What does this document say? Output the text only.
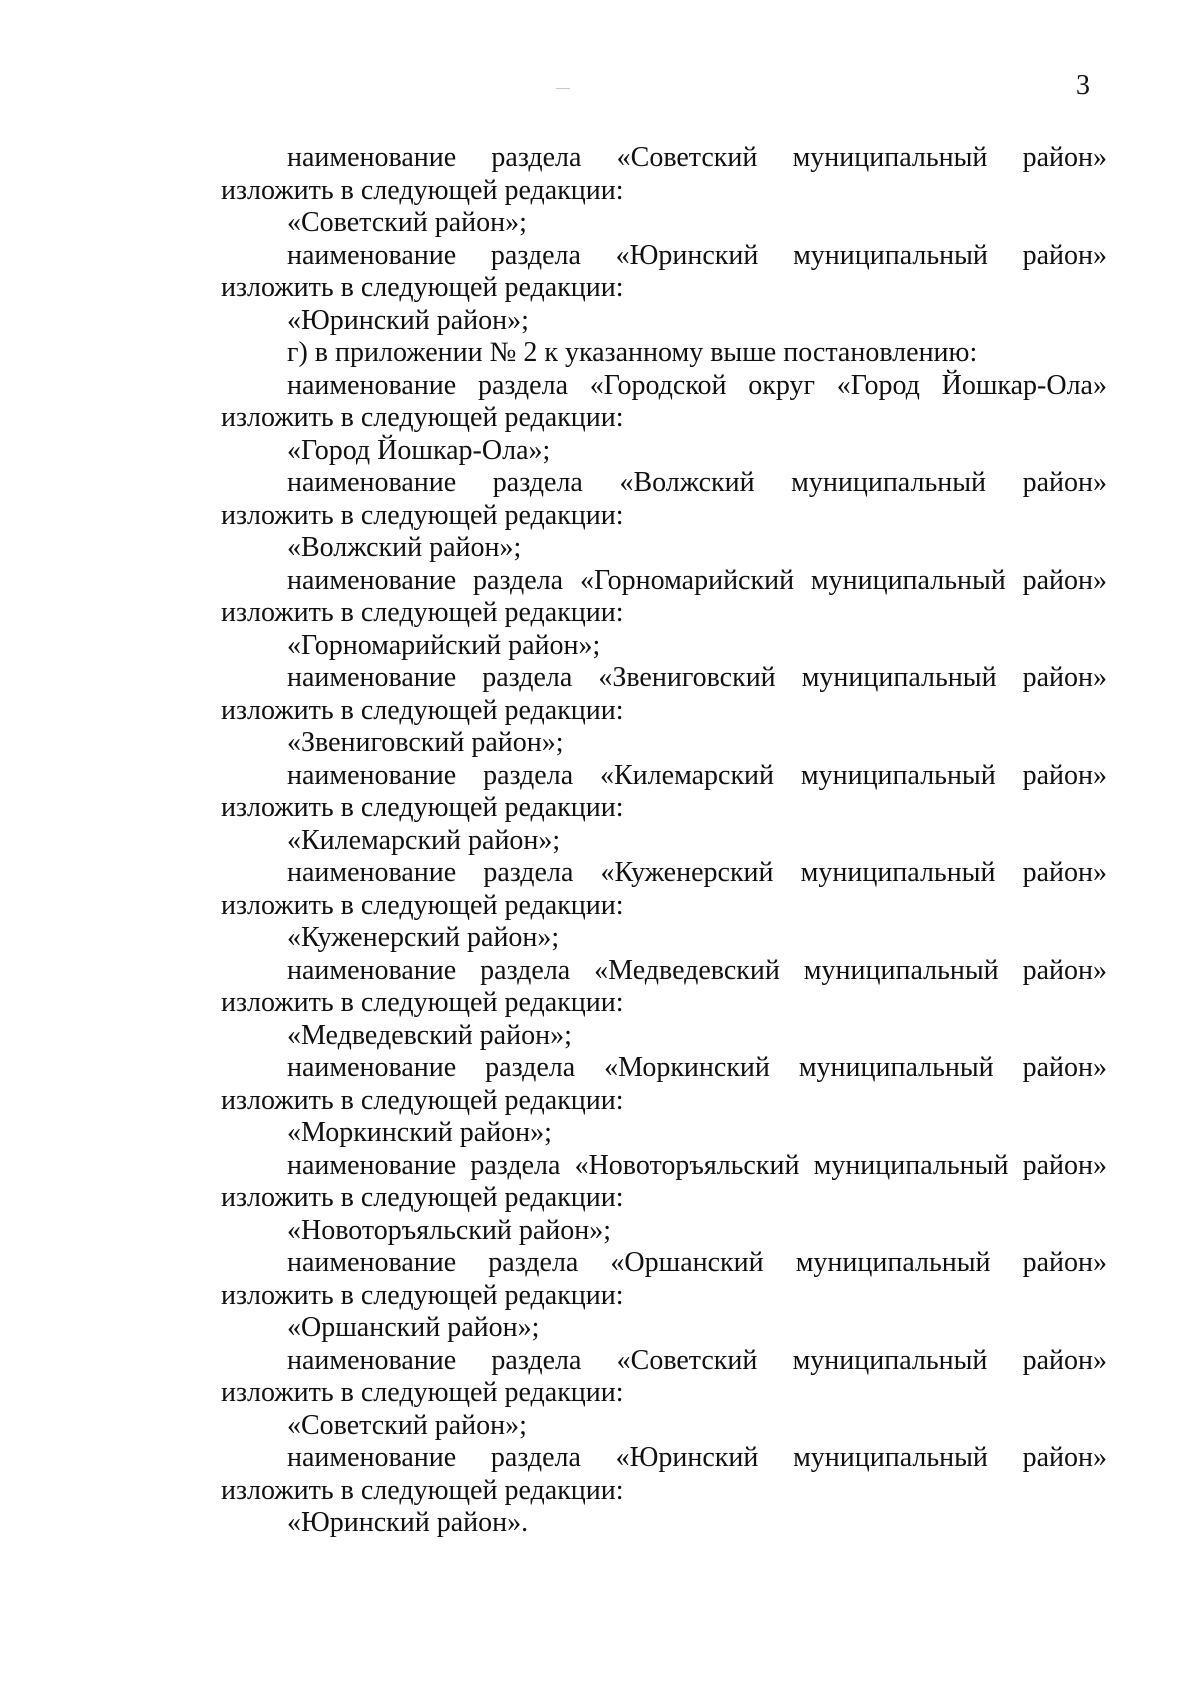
3
наименование раздела «Советский муниципальный район»
изложить в следующей редакции:
«Советский район»;
наименование раздела «Юринский муниципальный район»
изложить в следующей редакции:
«Юринский район»;
г) в приложении № 2 к указанному выше постановлению:
наименование раздела «Городской округ «Город Йошкар-Ола»
изложить в следующей редакции:
«Город Йошкар-Ола»;
наименование раздела «Волжский муниципальный район»
изложить в следующей редакции:
«Волжский район»;
наименование раздела «Горномарийский муниципальный район»
изложить в следующей редакции:
«Горномарийский район»;
наименование раздела «Звениговский муниципальный район»
изложить в следующей редакции:
«Звениговский район»;
наименование раздела «Килемарский муниципальный район»
изложить в следующей редакции:
«Килемарский район»;
наименование раздела «Куженерский муниципальный район»
изложить в следующей редакции:
«Куженерский район»;
наименование раздела «Медведевский муниципальный район»
изложить в следующей редакции:
«Медведевский район»;
наименование раздела «Моркинский муниципальный район»
изложить в следующей редакции:
«Моркинский район»;
наименование раздела «Новоторъяльский муниципальный район»
изложить в следующей редакции:
«Новоторъяльский район»;
наименование раздела «Оршанский муниципальный район»
изложить в следующей редакции:
«Оршанский район»;
наименование раздела «Советский муниципальный район»
изложить в следующей редакции:
«Советский район»;
наименование раздела «Юринский муниципальный район»
изложить в следующей редакции:
«Юринский район».
